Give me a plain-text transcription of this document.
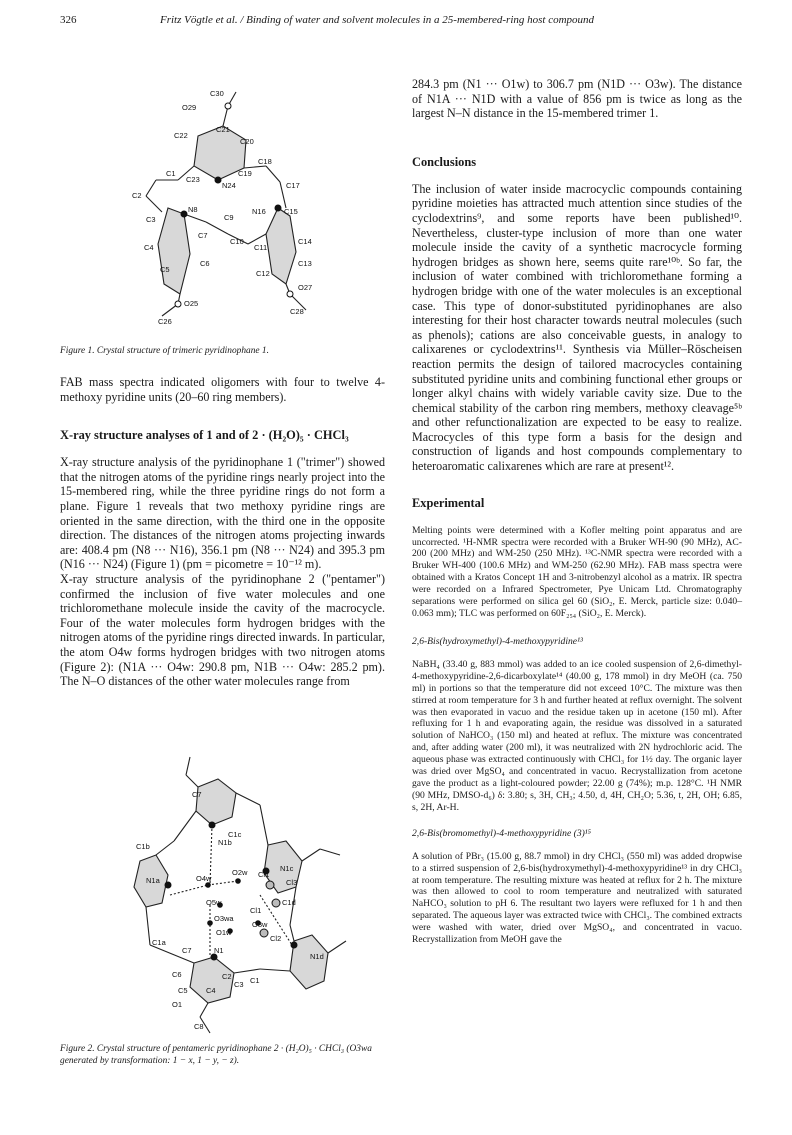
326	Fritz Vögtle et al. / Binding of water and solvent molecules in a 25-membered-ring host compound
C30
O29
C21
C22
C20
C18
C19
N24
C23
C1
C2
C17
N8	N16 C15
C3	C9
C7
C10
C11
C14
C4
C6	C13
C5	C12
O27
O25
C28
C26
Figure 1. Crystal structure of trimeric pyridinophane 1.

FAB mass spectra indicated oligomers with four to twelve 4-methoxy pyridine units (20–60 ring members).

X-ray structure analyses of 1 and of 2 · (H₂O)₅ · CHCl₃

X-ray structure analysis of the pyridinophane 1 ("trimer") showed that the nitrogen atoms of the pyridine rings nearly project into the 15-membered ring, while the three pyridine rings do not form a plane. Figure 1 reveals that two methoxy pyridine rings are oriented in the same direction, with the third one in the opposite direction. The distances of the nitrogen atoms projecting inwards are: 408.4 pm (N8 ··· N16), 356.1 pm (N8 ··· N24) and 395.3 pm (N16 ··· N24) (Figure 1) (pm = picometre = 10⁻¹² m).

X-ray structure analysis of the pyridinophane 2 ("pentamer") confirmed the inclusion of five water molecules and one trichloromethane molecule inside the cavity of the macrocycle. Four of the water molecules form hydrogen bridges with the nitrogen atoms of the pyridine rings directed inwards. In particular, the atom O4w forms hydrogen bridges with two nitrogen atoms (Figure 2): (N1A ··· O4w: 290.8 pm, N1B ··· O4w: 285.2 pm). The N–O distances of the other water molecules range from

C7
C1c
N1b
C1b
O4w
O2w	N1c
Cl1
Cl3
N1a
O5w
O3wa
Cl1
C1d
O1w
O3w
Cl2
C1a
C7	N1
N1d
C6	C2
C3
C5 C4
C1
O1
C8
Figure 2. Crystal structure of pentameric pyridinophane 2 · (H₂O)₅ · CHCl₃ (O3wa generated by transformation: 1 − x, 1 − y, − z).

284.3 pm (N1 ··· O1w) to 306.7 pm (N1D ··· O3w). The distance of N1A ··· N1D with a value of 856 pm is twice as long as the largest N–N distance in the 15-membered trimer 1.

Conclusions

The inclusion of water inside macrocyclic compounds containing pyridine moieties has attracted much attention since studies of the cyclodextrins⁹, and some reports have been published¹⁰. Nevertheless, cluster-type inclusion of more than one water molecule inside the cavity of a synthetic macrocycle forming hydrogen bridges as shown here, seems quite rare¹⁰ᵇ. So far, the inclusion of water combined with trichloromethane forming a hydrogen bridge with one of the water molecules is an exceptional case. This type of donor-substituted pyridinophanes are also interesting for their host character towards neutral molecules (such as phenols); cations are also conceivable guests, in analogy to calixarenes or cyclodextrins¹¹. Synthesis via Müller–Röscheisen reaction permits the design of tailored macrocycles containing substituted pyridine units and combining functional ether groups or longer alkyl chains with widely variable cavity size. Due to the chemical stability of the carbon ring members, methoxy cleavage⁵ᵇ and other refunctionalization are expected to be easy to realize. Macrocycles of this type form a basis for the design and construction of ligands and host compounds complementary to heteroaromatic calixarenes which are rare at present¹².

Experimental

Melting points were determined with a Kofler melting point apparatus and are uncorrected. ¹H-NMR spectra were recorded with a Bruker WH-90 (90 MHz), AC-200 (200 MHz) and WM-250 (250 MHz). ¹³C-NMR spectra were recorded with a Bruker WH-400 (100.6 MHz) and WM-250 (62.90 MHz). FAB mass spectra were obtained with a Kratos Concept 1H and 3-nitrobenzyl alcohol as a matrix. IR spectra were recorded on a Infrared Spectrometer, Pye Unicam Ltd. Chromatography separations were performed on silica gel 60 (SiO₂, E. Merck, particle size: 0.040–0.063 mm); TLC was performed on 60F₂₅₄ (SiO₂, E. Merck).

2,6-Bis(hydroxymethyl)-4-methoxypyridine¹³

NaBH₄ (33.40 g, 883 mmol) was added to an ice cooled suspension of 2,6-dimethyl-4-methoxypyridine-2,6-dicarboxylate¹⁴ (40.00 g, 178 mmol) in dry MeOH (ca. 750 ml) in portions so that the temperature did not exceed 10°C. The mixture was then stirred at room temperature for 3 h and further heated at reflux overnight. The solvent was then evaporated in vacuo and the residue taken up in acetone (150 ml). After refluxing for 1 h and evaporating again, the residue was dissolved in a saturated solution of NaHCO₃ (150 ml) and heated at reflux. The mixture was concentrated and, after adding water (200 ml), it was neutralized with 2N hydrochloric acid. The aqueous phase was extracted continuously with CHCl₃ for 1½ day. The organic layer was dried over MgSO₄ and concentrated in vacuo. Recrystallization from acetone gave the product as a light-coloured powder; 22.00 g (74%); m.p. 128°C. ¹H NMR (90 MHz, DMSO-d₆) δ: 3.80; s, 3H, CH₃; 4.50, d, 4H, CH₂O; 5.36, t, 2H, OH; 6.85, s, 2H, Ar-H.

2,6-Bis(bromomethyl)-4-methoxypyridine (3)¹⁵

A solution of PBr₃ (15.00 g, 88.7 mmol) in dry CHCl₃ (550 ml) was added dropwise to a stirred suspension of 2,6-bis(hydroxymethyl)-4-methoxypyridine¹³ in dry CHCl₃ at room temperature. The resulting mixture was heated at reflux for 2 h. The mixture was then allowed to cool to room temperature and neutralized with saturated NaHCO₃ solution to pH 6. The resultant two layers were refluxed for 1 h and then separated. The aqueous layer was extracted twice with CHCl₃. The combined extracts were washed with water, dried over MgSO₄, and concentrated in vacuo. Recrystallization from MeOH gave the
